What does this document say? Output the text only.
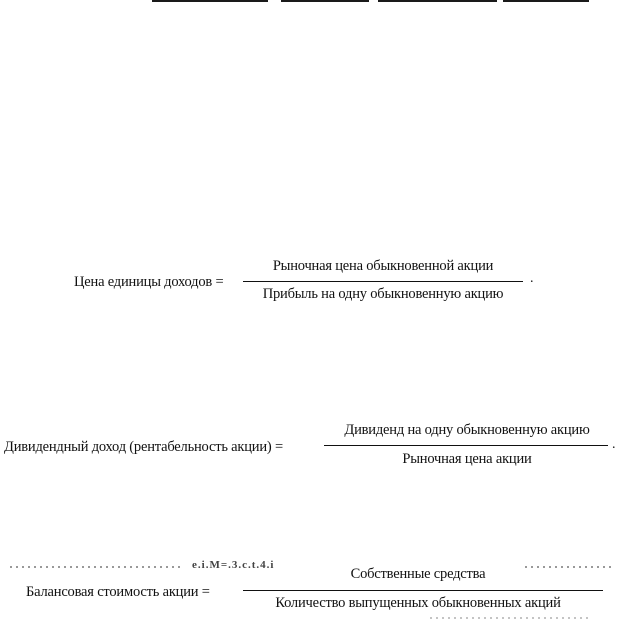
Цена единицы доходов =
Рыночная цена обыкновенной акции
Прибыль на одну обыкновенную акцию
.
Дивидендный доход (рентабельность акции) =
Дивиденд на одну обыкновенную акцию
Рыночная цена акции
.
e.i.M=.3.c.t.4.i
Балансовая стоимость акции =
Собственные средства
Количество выпущенных обыкновенных акций
